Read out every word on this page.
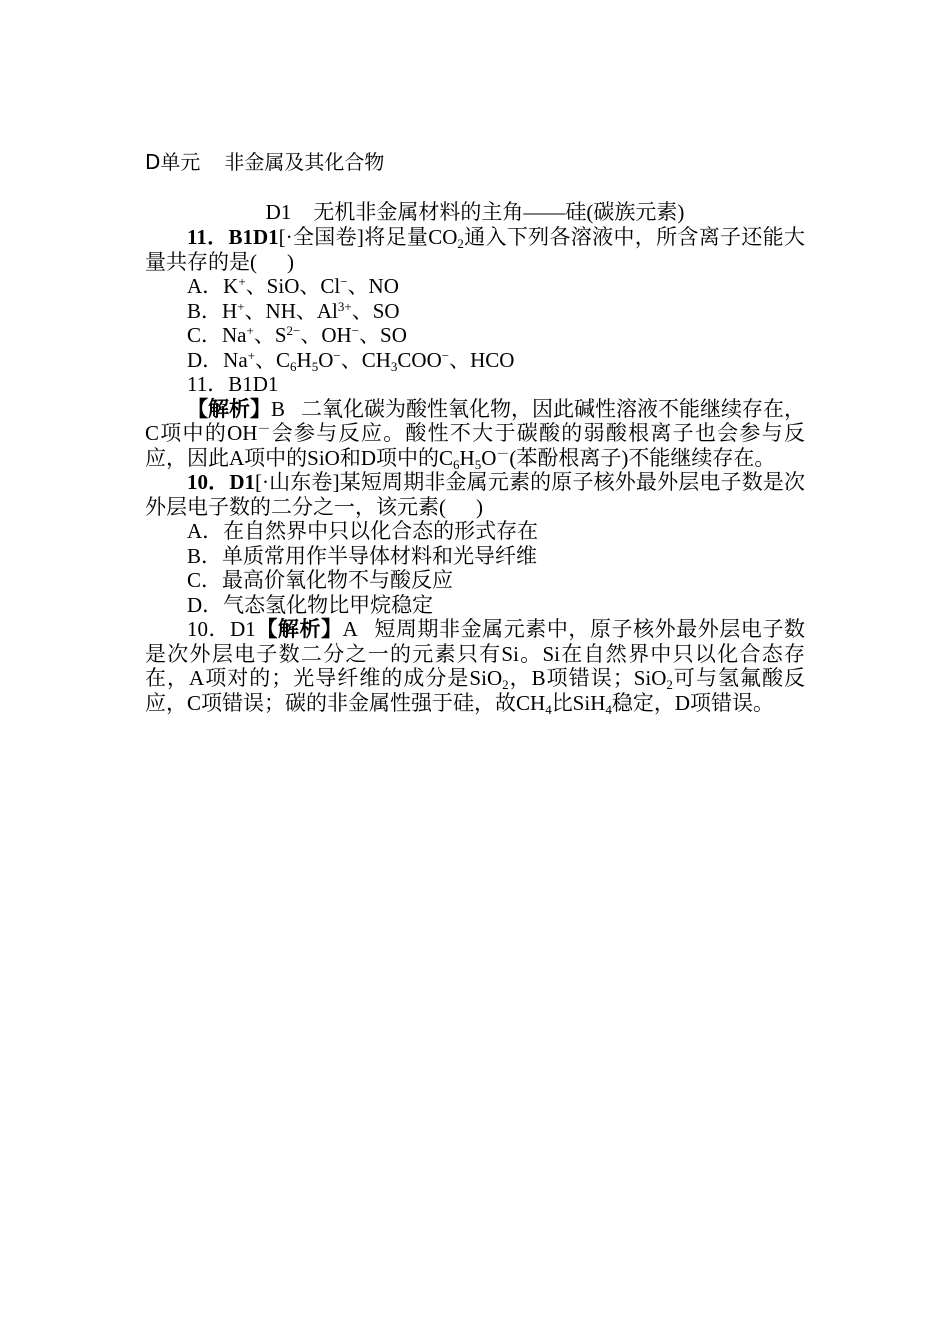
D单元 非金属及其化合物
D1 无机非金属材料的主角——硅(碳族元素)

11．B1D1[·全国卷]将足量$CO_2$通入下列各溶液中，所含离子还能大量共存的是( )

A．K+、SiO、Cl−、NO

B．H+、NH、$Al^{3+}$、SO

C．Na+、$S^{2-}$、OH−、SO

D．Na+、$C_6H_5O^-$、$CH_3COO^-$、HCO

11．B1D1

【解析】B 二氧化碳为酸性氧化物，因此碱性溶液不能继续存在，C项中的OH－会参与反应。酸性不大于碳酸的弱酸根离子也会参与反应，因此A项中的SiO和D项中的$C_6H_5O^-$(苯酚根离子)不能继续存在。

10．D1[·山东卷]某短周期非金属元素的原子核外最外层电子数是次外层电子数的二分之一，该元素( )

A．在自然界中只以化合态的形式存在

B．单质常用作半导体材料和光导纤维

C．最高价氧化物不与酸反应

D．气态氢化物比甲烷稳定

10．D1【解析】A 短周期非金属元素中，原子核外最外层电子数是次外层电子数二分之一的元素只有Si。Si在自然界中只以化合态存在，A项对的；光导纤维的成分是SiO$_2$，B项错误；SiO$_2$可与氢氟酸反应，C项错误；碳的非金属性强于硅，故$CH_4$比SiH$_4$稳定，D项错误。
